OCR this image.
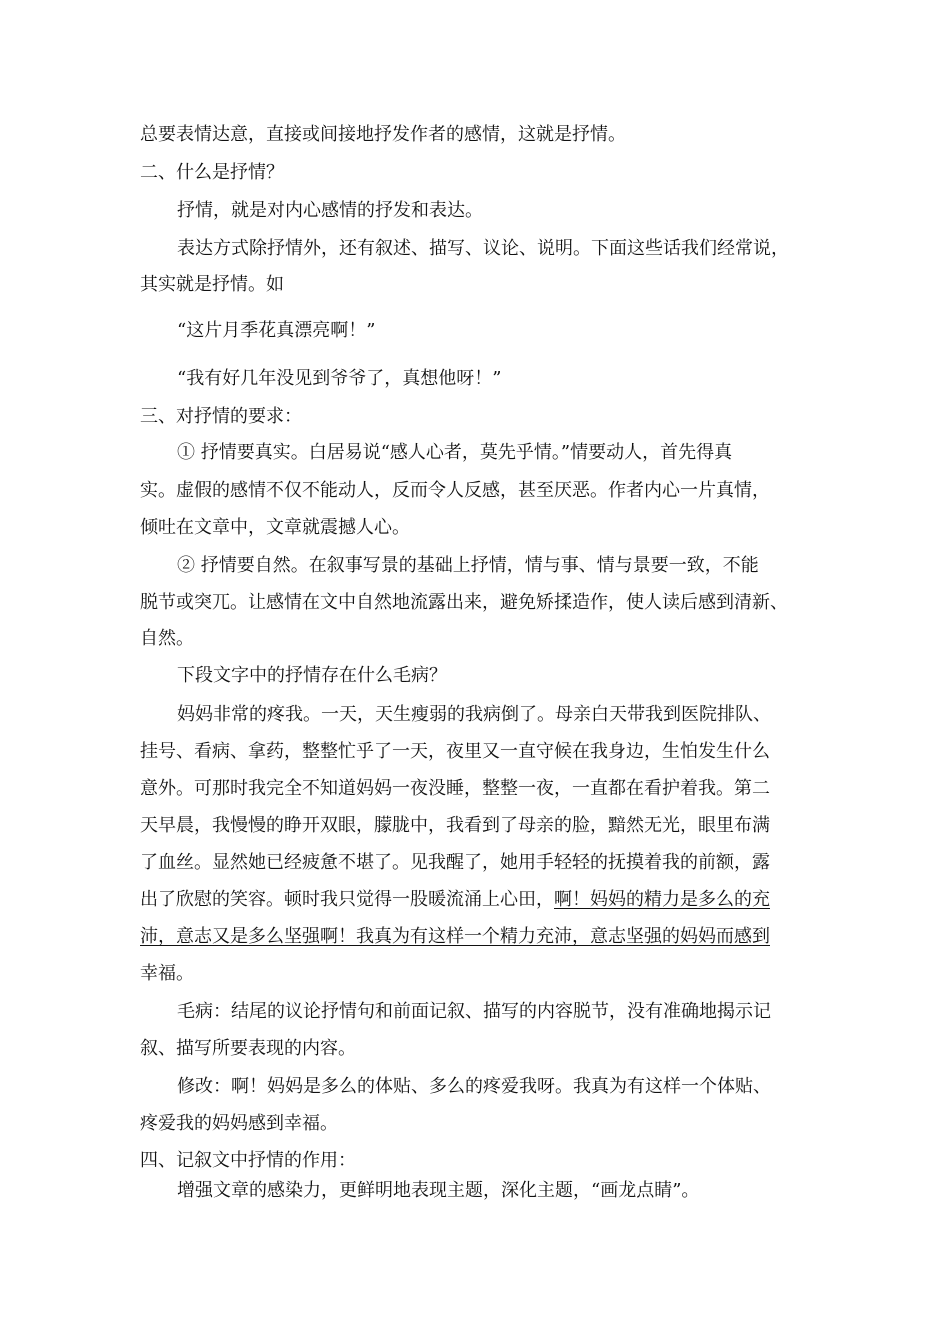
总要表情达意，直接或间接地抒发作者的感情，这就是抒情。
二、什么是抒情？
抒情，就是对内心感情的抒发和表达。
表达方式除抒情外，还有叙述、描写、议论、说明。下面这些话我们经常说，
其实就是抒情。如
“这片月季花真漂亮啊！”
“我有好几年没见到爷爷了，真想他呀！”
三、对抒情的要求：
① 抒情要真实。白居易说“感人心者，莫先乎情。”情要动人，首先得真
实。虚假的感情不仅不能动人，反而令人反感，甚至厌恶。作者内心一片真情，
倾吐在文章中，文章就震撼人心。
② 抒情要自然。在叙事写景的基础上抒情，情与事、情与景要一致，不能
脱节或突兀。让感情在文中自然地流露出来，避免矫揉造作，使人读后感到清新、
自然。
下段文字中的抒情存在什么毛病？
妈妈非常的疼我。一天，天生瘦弱的我病倒了。母亲白天带我到医院排队、
挂号、看病、拿药，整整忙乎了一天，夜里又一直守候在我身边，生怕发生什么
意外。可那时我完全不知道妈妈一夜没睡，整整一夜，一直都在看护着我。第二
天早晨，我慢慢的睁开双眼，朦胧中，我看到了母亲的脸，黯然无光，眼里布满
了血丝。显然她已经疲惫不堪了。见我醒了，她用手轻轻的抚摸着我的前额，露
出了欣慰的笑容。顿时我只觉得一股暖流涌上心田，啊！妈妈的精力是多么的充
沛，意志又是多么坚强啊！我真为有这样一个精力充沛，意志坚强的妈妈而感到
幸福。
毛病：结尾的议论抒情句和前面记叙、描写的内容脱节，没有准确地揭示记
叙、描写所要表现的内容。
修改：啊！妈妈是多么的体贴、多么的疼爱我呀。我真为有这样一个体贴、
疼爱我的妈妈感到幸福。
四、记叙文中抒情的作用：
增强文章的感染力，更鲜明地表现主题，深化主题，“画龙点睛”。
